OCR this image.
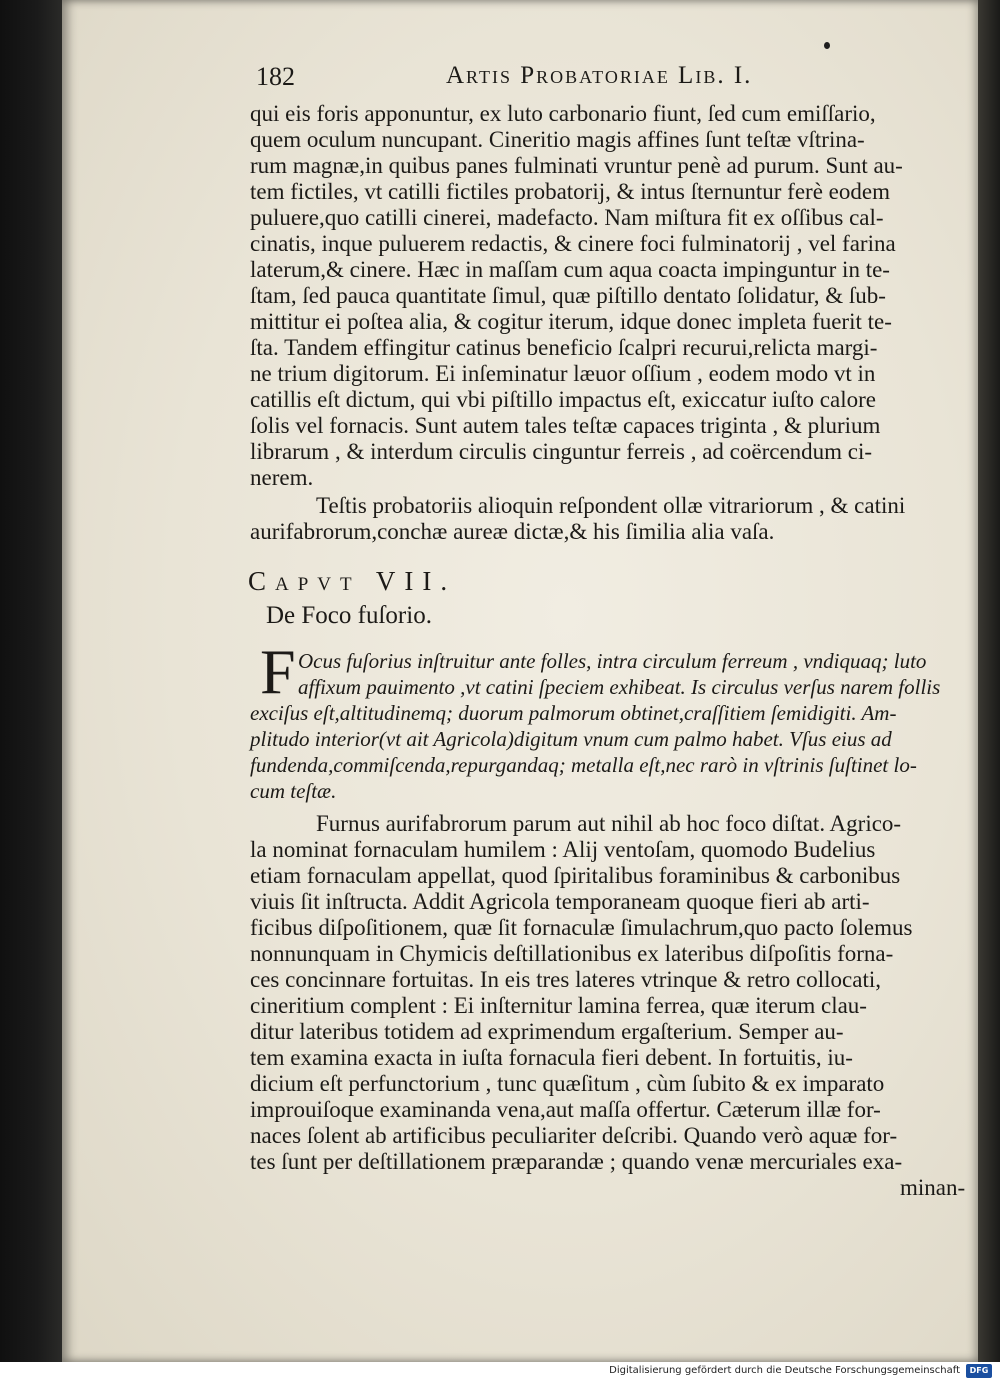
182	Artis Probatoriae Lib. I.
qui eis foris apponuntur, ex luto carbonario fiunt, ſed cum emiſſario,
quem oculum nuncupant. Cineritio magis affines ſunt teſtæ vſtrina-
rum magnæ,in quibus panes fulminati vruntur penè ad purum. Sunt au-
tem fictiles, vt catilli fictiles probatorij, & intus ſternuntur ferè eodem
puluere,quo catilli cinerei, madefacto. Nam miſtura fit ex oſſibus cal-
cinatis, inque puluerem redactis, & cinere foci fulminatorij , vel farina
laterum,& cinere. Hæc in maſſam cum aqua coacta impinguntur in te-
ſtam, ſed pauca quantitate ſimul, quæ piſtillo dentato ſolidatur, & ſub-
mittitur ei poſtea alia, & cogitur iterum, idque donec impleta fuerit te-
ſta. Tandem effingitur catinus beneficio ſcalpri recurui,relicta margi-
ne trium digitorum. Ei inſeminatur læuor oſſium , eodem modo vt in
catillis eſt dictum, qui vbi piſtillo impactus eſt, exiccatur iuſto calore
ſolis vel fornacis. Sunt autem tales teſtæ capaces triginta , & plurium
librarum , & interdum circulis cinguntur ferreis , ad coërcendum ci-
nerem.
Teſtis probatoriis alioquin reſpondent ollæ vitrariorum , & catini
aurifabrorum,conchæ aureæ dictæ,& his ſimilia alia vaſa.
Capvt VII.
De Foco fuſorio.
F Ocus fuſorius inſtruitur ante folles, intra circulum ferreum , vndiquaq; luto
affixum pauimento ,vt catini ſpeciem exhibeat. Is circulus verſus narem follis
exciſus eſt,altitudinemq; duorum palmorum obtinet,craſſitiem ſemidigiti. Am-
plitudo interior(vt ait Agricola)digitum vnum cum palmo habet. Vſus eius ad
fundenda,commiſcenda,repurgandaq; metalla eſt,nec rarò in vſtrinis ſuſtinet lo-
cum teſtæ.
Furnus aurifabrorum parum aut nihil ab hoc foco diſtat. Agrico-
la nominat fornaculam humilem : Alij ventoſam, quomodo Budelius
etiam fornaculam appellat, quod ſpiritalibus foraminibus & carbonibus
viuis ſit inſtructa. Addit Agricola temporaneam quoque fieri ab arti-
ficibus diſpoſitionem, quæ ſit fornaculæ ſimulachrum,quo pacto ſolemus
nonnunquam in Chymicis deſtillationibus ex lateribus diſpoſitis forna-
ces concinnare fortuitas. In eis tres lateres vtrinque & retro collocati,
cineritium complent : Ei inſternitur lamina ferrea, quæ iterum clau-
ditur lateribus totidem ad exprimendum ergaſterium. Semper au-
tem examina exacta in iuſta fornacula fieri debent. In fortuitis, iu-
dicium eſt perfunctorium , tunc quæſitum , cùm ſubito & ex imparato
improuiſoque examinanda vena,aut maſſa offertur. Cæterum illæ for-
naces ſolent ab artificibus peculiariter deſcribi. Quando verò aquæ for-
tes ſunt per deſtillationem præparandæ ; quando venæ mercuriales exa-
minan-
Digitalisierung gefördert durch die Deutsche Forschungsgemeinschaft	DFG
